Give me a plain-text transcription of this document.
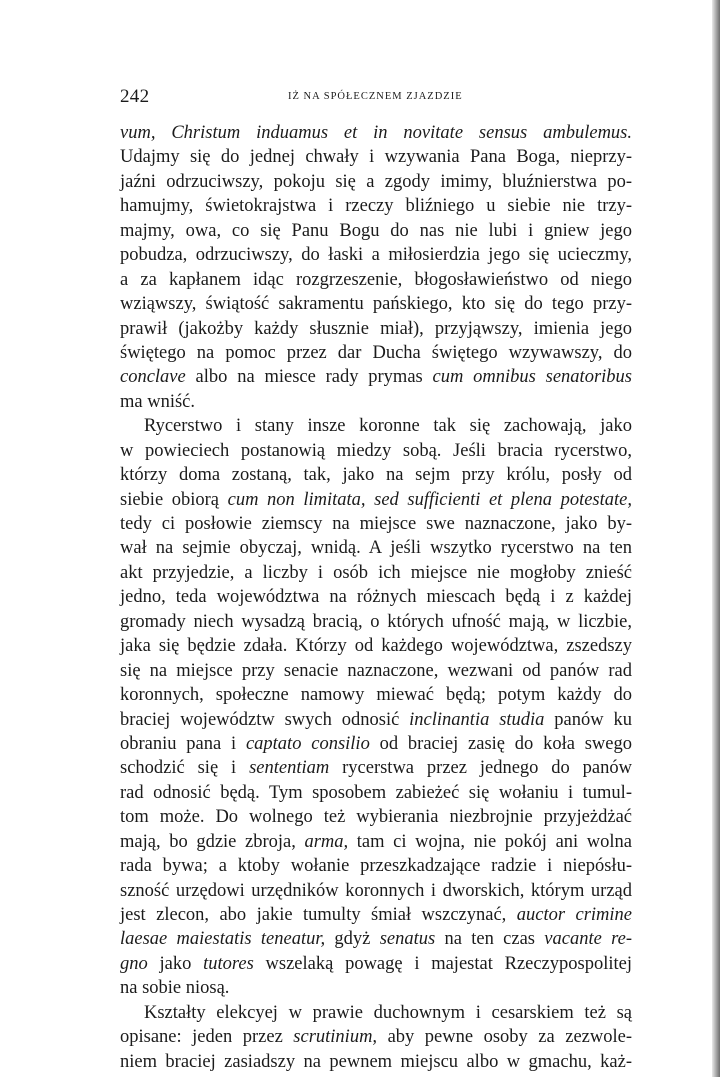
242	IŻ NA SPÓŁECZNEM ZJAZDZIE
vum, Christum induamus et in novitate sensus ambulemus.
Udajmy się do jednej chwały i wzywania Pana Boga, nieprzy-
jaźni odrzuciwszy, pokoju się a zgody imimy, bluźnierstwa po-
hamujmy, świetokrajstwa i rzeczy bliźniego u siebie nie trzy-
majmy, owa, co się Panu Bogu do nas nie lubi i gniew jego
pobudza, odrzuciwszy, do łaski a miłosierdzia jego się ucieczmy,
a za kapłanem idąc rozgrzeszenie, błogosławieństwo od niego
wziąwszy, świątość sakramentu pańskiego, kto się do tego przy-
prawił (jakożby każdy słusznie miał), przyjąwszy, imienia jego
świętego na pomoc przez dar Ducha świętego wzywawszy, do
conclave albo na miesce rady prymas cum omnibus senatoribus
ma wniść.
Rycerstwo i stany insze koronne tak się zachowają, jako
w powieciech postanowią miedzy sobą. Jeśli bracia rycerstwo,
którzy doma zostaną, tak, jako na sejm przy królu, posły od
siebie obiorą cum non limitata, sed sufficienti et plena potestate,
tedy ci posłowie ziemscy na miejsce swe naznaczone, jako by-
wał na sejmie obyczaj, wnidą. A jeśli wszytko rycerstwo na ten
akt przyjedzie, a liczby i osób ich miejsce nie mogłoby znieść
jedno, teda województwa na różnych miescach będą i z każdej
gromady niech wysadzą bracią, o których ufność mają, w liczbie,
jaka się będzie zdała. Którzy od każdego województwa, zszedszy
się na miejsce przy senacie naznaczone, wezwani od panów rad
koronnych, społeczne namowy miewać będą; potym każdy do
braciej województw swych odnosić inclinantia studia panów ku
obraniu pana i captato consilio od braciej zasię do koła swego
schodzić się i sententiam rycerstwa przez jednego do panów
rad odnosić będą. Tym sposobem zabieżeć się wołaniu i tumul-
tom może. Do wolnego też wybierania niezbrojnie przyjeżdżać
mają, bo gdzie zbroja, arma, tam ci wojna, nie pokój ani wolna
rada bywa; a ktoby wołanie przeszkadzające radzie i niepósłu-
szność urzędowi urzędników koronnych i dworskich, którym urząd
jest zlecon, abo jakie tumulty śmiał wszczynać, auctor crimine
laesae maiestatis teneatur, gdyż senatus na ten czas vacante re-
gno jako tutores wszelaką powagę i majestat Rzeczypospolitej
na sobie niosą.
Kształty elekcyej w prawie duchownym i cesarskiem też są
opisane: jeden przez scrutinium, aby pewne osoby za zezwole-
niem braciej zasiadszy na pewnem miejscu albo w gmachu, każ-
